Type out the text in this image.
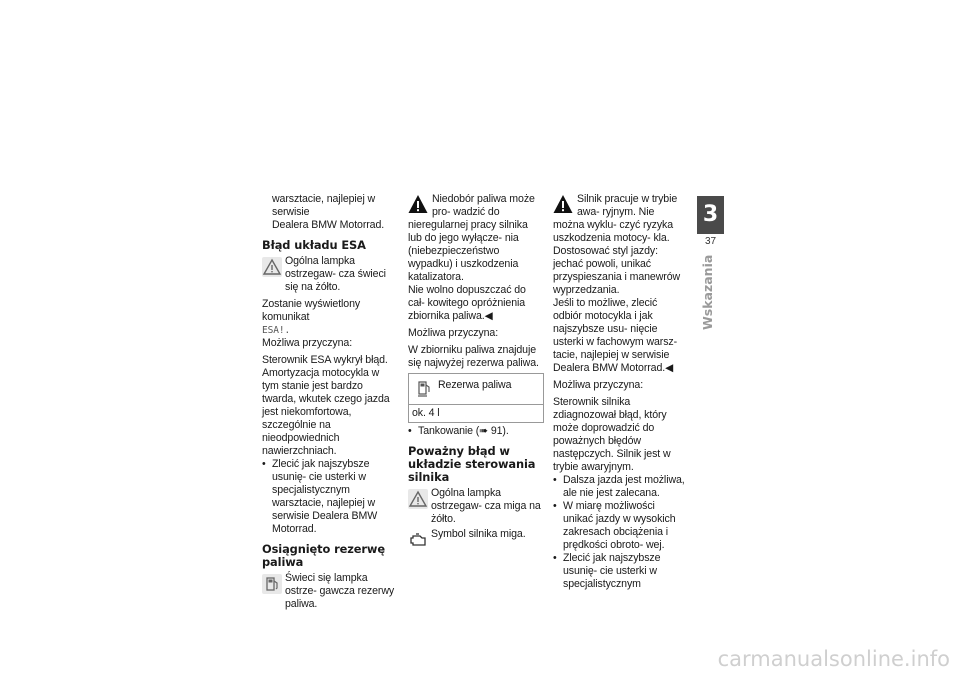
warsztacie, najlepiej w serwisie

Dealera BMW Motorrad.

Błąd układu ESA

Ogólna lampka ostrzegaw- cza świeci się na żółto.

Zostanie wyświetlony komunikat

ESA!.

Możliwa przyczyna:

Sterownik ESA wykrył błąd. Amortyzacja motocykla w tym stanie jest bardzo twarda, wkutek czego jazda jest niekomfortowa, szczególnie na nieodpowiednich nawierzchniach.

• Zlecić jak najszybsze usunię- cie usterki w specjalistycznym warsztacie, najlepiej w serwisie Dealera BMW Motorrad.

Osiągnięto rezerwę paliwa

Świeci się lampka ostrze- gawcza rezerwy paliwa.

Niedobór paliwa może pro- wadzić do nieregularnej pracy silnika lub do jego wyłącze- nia (niebezpieczeństwo wypadku) i uszkodzenia katalizatora.

Nie wolno dopuszczać do cał- kowitego opróżnienia zbiornika paliwa.◀

Możliwa przyczyna:

W zbiorniku paliwa znajduje się najwyżej rezerwa paliwa.

Rezerwa paliwa

ok. 4 l

• Tankowanie (➠ 91).

Poważny błąd w układzie sterowania silnika

Ogólna lampka ostrzegaw- cza miga na żółto.

Symbol silnika miga.

Silnik pracuje w trybie awa- ryjnym. Nie można wyklu- czyć ryzyka uszkodzenia motocy- kla.

Dostosować styl jazdy: jechać powoli, unikać przyspieszania i manewrów wyprzedzania.

Jeśli to możliwe, zlecić odbiór motocykla i jak najszybsze usu- nięcie usterki w fachowym warsz- tacie, najlepiej w serwisie Dealera BMW Motorrad.◀

Możliwa przyczyna:

Sterownik silnika zdiagnozował błąd, który może doprowadzić do poważnych błędów następczych. Silnik jest w trybie awaryjnym.

• Dalsza jazda jest możliwa, ale nie jest zalecana.

• W miarę możliwości unikać jazdy w wysokich zakresach obciążenia i prędkości obroto- wej.

• Zlecić jak najszybsze usunię- cie usterki w specjalistycznym

3
37
Wskazania
carmanualsonline.info
